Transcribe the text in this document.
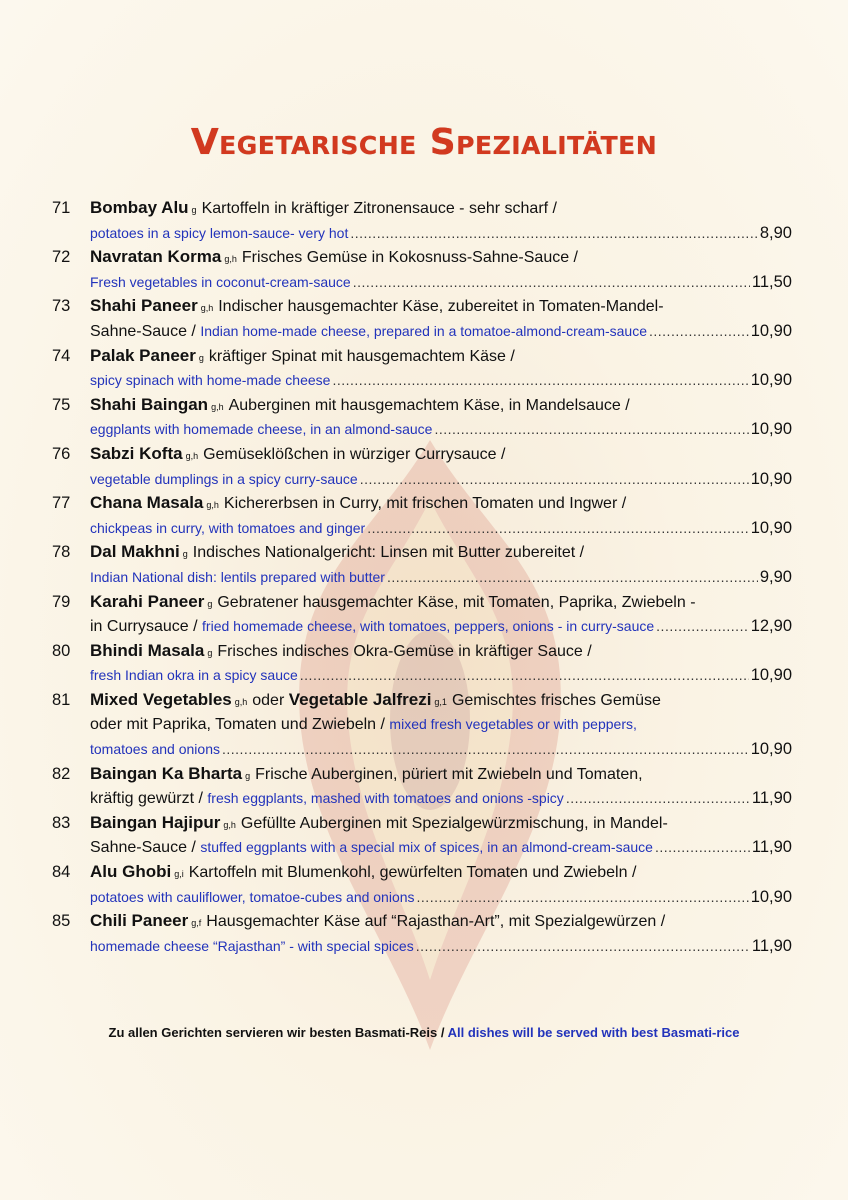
Vegetarische Spezialitäten
71	Bombay Alu g Kartoffeln in kräftiger Zitronensauce - sehr scharf /
potatoes in a spicy lemon-sauce- very hot .....	8,90
72	Navratan Korma g,h Frisches Gemüse in Kokosnuss-Sahne-Sauce /
Fresh vegetables in coconut-cream-sauce .....	11,50
73	Shahi Paneer g,h Indischer hausgemachter Käse, zubereitet in Tomaten-Mandel-
Sahne-Sauce /
Indian home-made cheese, prepared in a tomatoe-almond-cream-sauce .....	10,90
74	Palak Paneer g kräftiger Spinat mit hausgemachtem Käse /
spicy spinach with home-made cheese .....	10,90
75	Shahi Baingan g,h Auberginen mit hausgemachtem Käse, in Mandelsauce /
eggplants with homemade cheese, in an almond-sauce .....	10,90
76	Sabzi Kofta g,h Gemüseklößchen in würziger Currysauce /
vegetable dumplings in a spicy curry-sauce .....	10,90
77	Chana Masala g,h Kichererbsen in Curry, mit frischen Tomaten und Ingwer /
chickpeas in curry, with tomatoes and ginger .....	10,90
78	Dal Makhni g Indisches Nationalgericht: Linsen mit Butter zubereitet /
Indian National dish: lentils prepared with butter .....	9,90
79	Karahi Paneer g Gebratener hausgemachter Käse, mit Tomaten, Paprika, Zwiebeln -
in Currysauce /
fried homemade cheese, with tomatoes, peppers, onions - in curry-sauce .....	12,90
80	Bhindi Masala g Frisches indisches Okra-Gemüse in kräftiger Sauce /
fresh Indian okra in a spicy sauce .....	10,90
81	Mixed Vegetables g,h oder
Vegetable Jalfrezi g,1 Gemischtes frisches Gemüse
oder mit Paprika, Tomaten und Zwiebeln /
mixed fresh vegetables or with peppers,
tomatoes and onions .....	10,90
82	Baingan Ka Bharta g Frische Auberginen, püriert mit Zwiebeln und Tomaten,
kräftig gewürzt /
fresh eggplants, mashed with tomatoes and onions -spicy .....	11,90
83	Baingan Hajipur g,h Gefüllte Auberginen mit Spezialgewürzmischung, in Mandel-
Sahne-Sauce /
stuffed eggplants with a special mix of spices, in an almond-cream-sauce .....	11,90
84	Alu Ghobi g,i Kartoffeln mit Blumenkohl, gewürfelten Tomaten und Zwiebeln /
potatoes with cauliflower, tomatoe-cubes and onions .....	10,90
85	Chili Paneer g,f Hausgemachter Käse auf “Rajasthan-Art”, mit Spezialgewürzen /
homemade cheese “Rajasthan” - with special spices .....	11,90
Zu allen Gerichten servieren wir besten Basmati-Reis / All dishes will be served with best Basmati-rice
